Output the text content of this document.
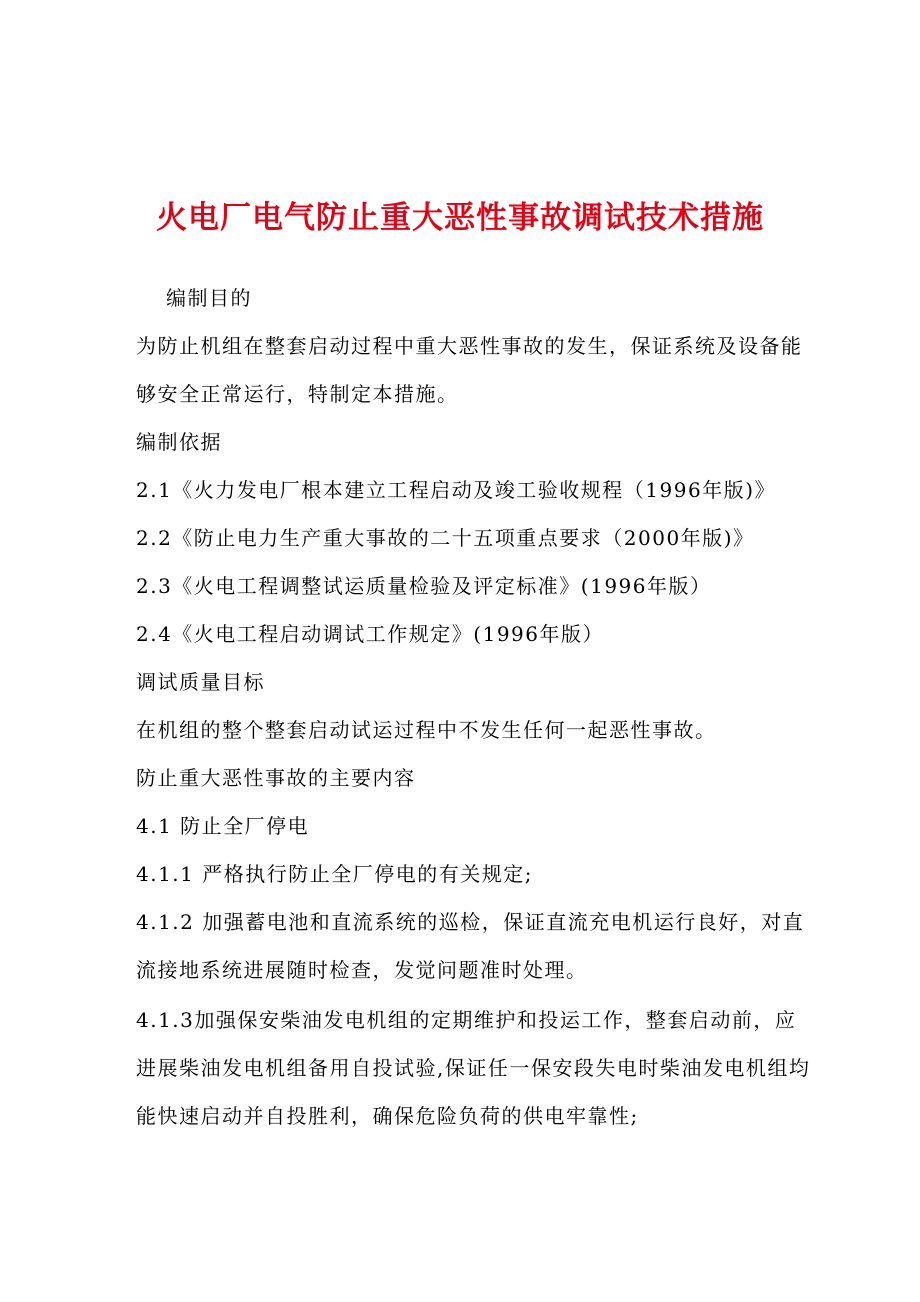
火电厂电气防止重大恶性事故调试技术措施
编制目的
为防止机组在整套启动过程中重大恶性事故的发生，保证系统及设备能
够安全正常运行，特制定本措施。
编制依据
2.1《火力发电厂根本建立工程启动及竣工验收规程（1996年版)》
2.2《防止电力生产重大事故的二十五项重点要求（2000年版)》
2.3《火电工程调整试运质量检验及评定标准》(1996年版）
2.4《火电工程启动调试工作规定》(1996年版）
调试质量目标
在机组的整个整套启动试运过程中不发生任何一起恶性事故。
防止重大恶性事故的主要内容
4.1 防止全厂停电
4.1.1 严格执行防止全厂停电的有关规定;
4.1.2 加强蓄电池和直流系统的巡检，保证直流充电机运行良好，对直
流接地系统进展随时检查，发觉问题准时处理。
4.1.3加强保安柴油发电机组的定期维护和投运工作，整套启动前，应
进展柴油发电机组备用自投试验,保证任一保安段失电时柴油发电机组均
能快速启动并自投胜利，确保危险负荷的供电牢靠性;
